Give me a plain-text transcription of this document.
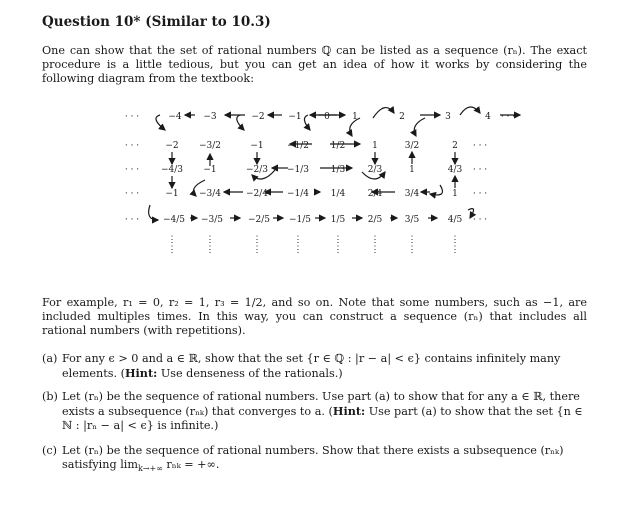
Question 10* (Similar to 10.3)
One can show that the set of rational numbers ℚ can be listed as a sequence (rₙ). The exact procedure is a little tedious, but you can get an idea of how it works by considering the following diagram from the textbook:
−4 −3	−2	−1 0 1	2	3	4
−2 −3/2	−1	−1/2 1/2	1	3/2	2
−4/3 −1	−2/3 −1/3 1/3	2/3	1	4/3
−1 −3/4	−2/4 −1/4 1/4	2/4	3/4	1
−4/5 −3/5	−2/5 −1/5 1/5	2/5	3/5	4/5
· · ·	· · ·
· · ·	· · ·
· · ·	· · ·
· · ·	· · ·
· · ·	· · ·
⋮
⋮
⋮
⋮
⋮
⋮
⋮
⋮
⋮
⋮
⋮
⋮
⋮
⋮
⋮
⋮
For example, r₁ = 0, r₂ = 1, r₃ = 1/2, and so on. Note that some numbers, such as −1, are included multiples times. In this way, you can construct a sequence (rₙ) that includes all rational numbers (with repetitions).
(a) For any ϵ > 0 and a ∈ ℝ, show that the set {r ∈ ℚ : |r − a| < ϵ} contains infinitely many elements. (Hint: Use denseness of the rationals.)
(b) Let (rₙ) be the sequence of rational numbers. Use part (a) to show that for any a ∈ ℝ, there exists a subsequence (rₙₖ) that converges to a. (Hint: Use part (a) to show that the set {n ∈ ℕ : |rₙ − a| < ϵ} is infinite.)
(c) Let (rₙ) be the sequence of rational numbers. Show that there exists a subsequence (rₙₖ) satisfying $\lim_{k\to+\infty} r_{nk}$ = +∞.
